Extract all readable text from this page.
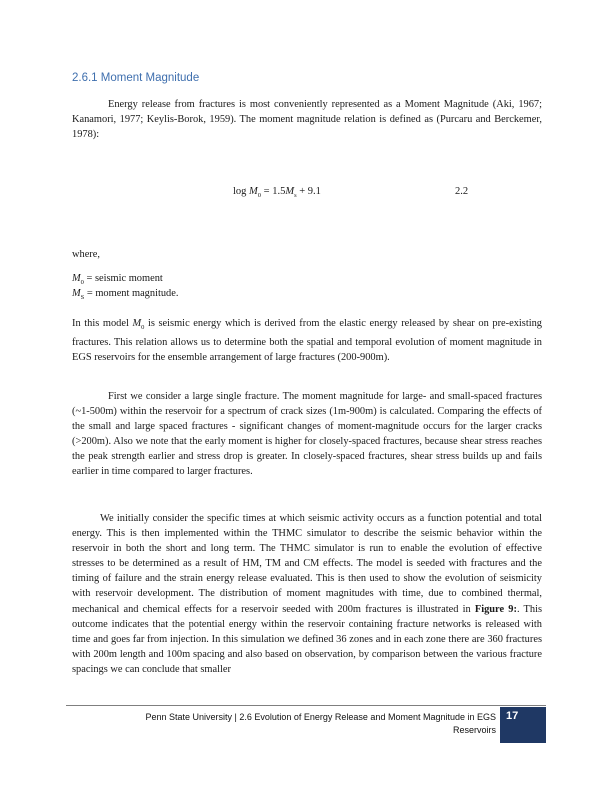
2.6.1 Moment Magnitude

Energy release from fractures is most conveniently represented as a Moment Magnitude (Aki, 1967; Kanamori, 1977; Keylis-Borok, 1959). The moment magnitude relation is defined as (Purcaru and Berckemer, 1978):

$\log M_0 = 1.5M_s + 9.1$	2.2

where,

$M_0$ = seismic moment

$M_S$ = moment magnitude.

In this model $M_0$ is seismic energy which is derived from the elastic energy released by shear on pre-existing fractures. This relation allows us to determine both the spatial and temporal evolution of moment magnitude in EGS reservoirs for the ensemble arrangement of large fractures (200-900m).

First we consider a large single fracture. The moment magnitude for large- and small-spaced fractures (~1-500m) within the reservoir for a spectrum of crack sizes (1m-900m) is calculated. Comparing the effects of the small and large spaced fractures - significant changes of moment-magnitude occurs for the larger cracks (>200m). Also we note that the early moment is higher for closely-spaced fractures, because shear stress reaches the peak strength earlier and stress drop is greater. In closely-spaced fractures, shear stress builds up and fails earlier in time compared to larger fractures.

We initially consider the specific times at which seismic activity occurs as a function potential and total energy. This is then implemented within the THMC simulator to describe the seismic behavior within the reservoir in both the short and long term. The THMC simulator is run to enable the evolution of effective stresses to be determined as a result of HM, TM and CM effects. The model is seeded with fractures and the timing of failure and the strain energy release evaluated. This is then used to show the evolution of seismicity with reservoir development. The distribution of moment magnitudes with time, due to combined thermal, mechanical and chemical effects for a reservoir seeded with 200m fractures is illustrated in Figure 9:. This outcome indicates that the potential energy within the reservoir containing fracture networks is released with time and goes far from injection. In this simulation we defined 36 zones and in each zone there are 360 fractures with 200m length and 100m spacing and also based on observation, by comparison between the various fracture spacings we can conclude that smaller

Penn State University | 2.6 Evolution of Energy Release and Moment Magnitude in EGS Reservoirs
17
